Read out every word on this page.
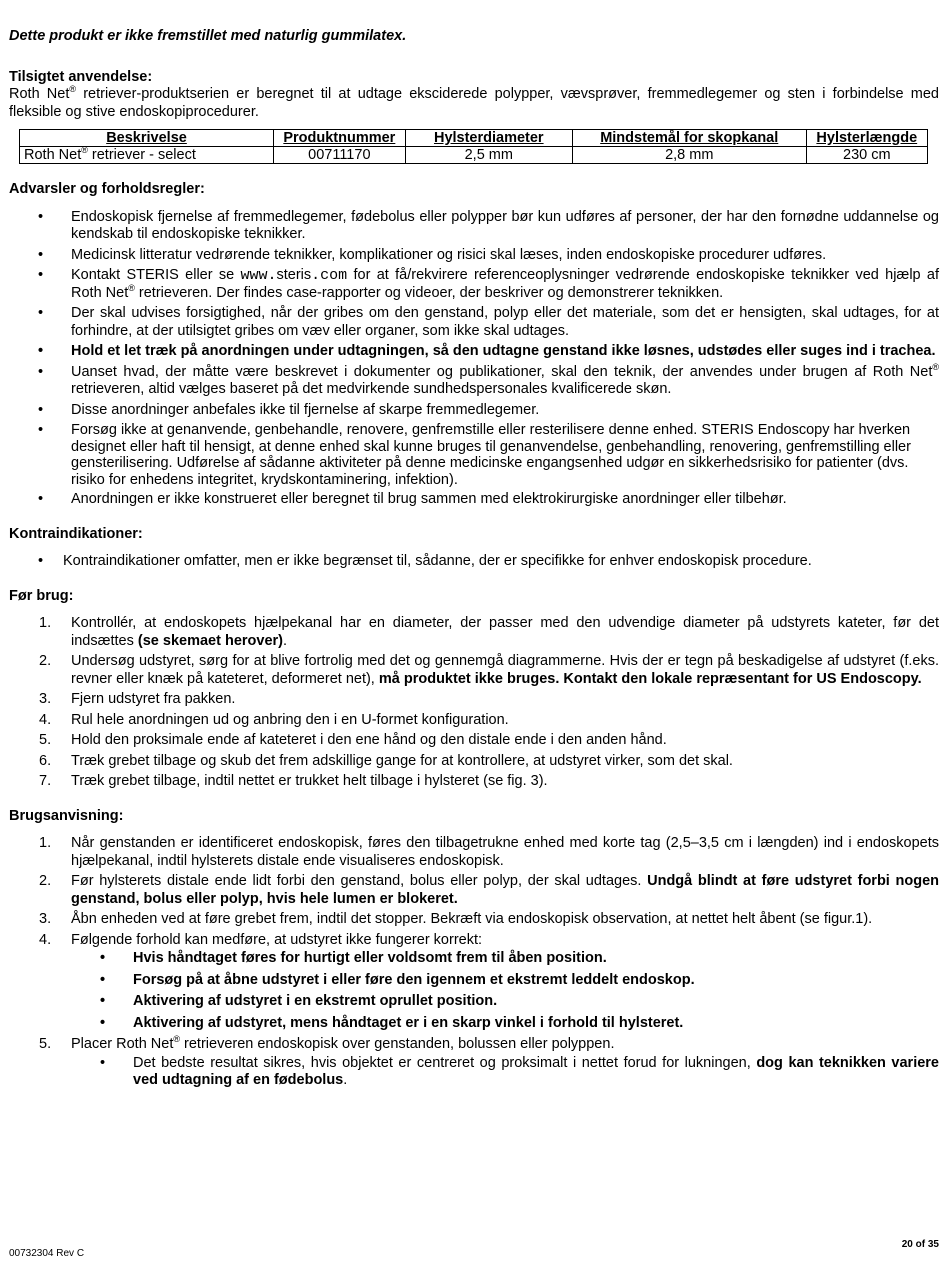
Dette produkt er ikke fremstillet med naturlig gummilatex.

Tilsigtet anvendelse:

Roth Net® retriever-produktserien er beregnet til at udtage eksciderede polypper, vævsprøver, fremmedlegemer og sten i forbindelse med fleksible og stive endoskopiprocedurer.

Beskrivelse	Produktnummer	Hylsterdiameter	Mindstemål for skopkanal	Hylsterlængde
Roth Net® retriever - select	00711170	2,5 mm	2,8 mm	230 cm

Advarsler og forholdsregler:

•	Endoskopisk fjernelse af fremmedlegemer, fødebolus eller polypper bør kun udføres af personer, der har den fornødne uddannelse og kendskab til endoskopiske teknikker.
•	Medicinsk litteratur vedrørende teknikker, komplikationer og risici skal læses, inden endoskopiske procedurer udføres.
•	Kontakt STERIS eller se www.steris.com for at få/rekvirere referenceoplysninger vedrørende endoskopiske teknikker ved hjælp af Roth Net® retrieveren. Der findes case-rapporter og videoer, der beskriver og demonstrerer teknikken.
•	Der skal udvises forsigtighed, når der gribes om den genstand, polyp eller det materiale, som det er hensigten, skal udtages, for at forhindre, at der utilsigtet gribes om væv eller organer, som ikke skal udtages.
•	Hold et let træk på anordningen under udtagningen, så den udtagne genstand ikke løsnes, udstødes eller suges ind i trachea.
•	Uanset hvad, der måtte være beskrevet i dokumenter og publikationer, skal den teknik, der anvendes under brugen af Roth Net® retrieveren, altid vælges baseret på det medvirkende sundhedspersonales kvalificerede skøn.
•	Disse anordninger anbefales ikke til fjernelse af skarpe fremmedlegemer.
•	Forsøg ikke at genanvende, genbehandle, renovere, genfremstille eller resterilisere denne enhed. STERIS Endoscopy har hverken designet eller haft til hensigt, at denne enhed skal kunne bruges til genanvendelse, genbehandling, renovering, genfremstilling eller gensterilisering. Udførelse af sådanne aktiviteter på denne medicinske engangsenhed udgør en sikkerhedsrisiko for patienter (dvs. risiko for enhedens integritet, krydskontaminering, infektion).
•	Anordningen er ikke konstrueret eller beregnet til brug sammen med elektrokirurgiske anordninger eller tilbehør.

Kontraindikationer:

•	Kontraindikationer omfatter, men er ikke begrænset til, sådanne, der er specifikke for enhver endoskopisk procedure.

Før brug:

1.	Kontrollér, at endoskopets hjælpekanal har en diameter, der passer med den udvendige diameter på udstyrets kateter, før det indsættes (se skemaet herover).
2.	Undersøg udstyret, sørg for at blive fortrolig med det og gennemgå diagrammerne. Hvis der er tegn på beskadigelse af udstyret (f.eks. revner eller knæk på kateteret, deformeret net), må produktet ikke bruges. Kontakt den lokale repræsentant for US Endoscopy.
3.	Fjern udstyret fra pakken.
4.	Rul hele anordningen ud og anbring den i en U-formet konfiguration.
5.	Hold den proksimale ende af kateteret i den ene hånd og den distale ende i den anden hånd.
6.	Træk grebet tilbage og skub det frem adskillige gange for at kontrollere, at udstyret virker, som det skal.
7.	Træk grebet tilbage, indtil nettet er trukket helt tilbage i hylsteret (se fig. 3).

Brugsanvisning:

1.	Når genstanden er identificeret endoskopisk, føres den tilbagetrukne enhed med korte tag (2,5–3,5 cm i længden) ind i endoskopets hjælpekanal, indtil hylsterets distale ende visualiseres endoskopisk.
2.	Før hylsterets distale ende lidt forbi den genstand, bolus eller polyp, der skal udtages. Undgå blindt at føre udstyret forbi nogen genstand, bolus eller polyp, hvis hele lumen er blokeret.
3.	Åbn enheden ved at føre grebet frem, indtil det stopper. Bekræft via endoskopisk observation, at nettet helt åbent (se figur.1).
4.	Følgende forhold kan medføre, at udstyret ikke fungerer korrekt:
•	Hvis håndtaget føres for hurtigt eller voldsomt frem til åben position.
•	Forsøg på at åbne udstyret i eller føre den igennem et ekstremt leddelt endoskop.
•	Aktivering af udstyret i en ekstremt oprullet position.
•	Aktivering af udstyret, mens håndtaget er i en skarp vinkel i forhold til hylsteret.
5.	Placer Roth Net® retrieveren endoskopisk over genstanden, bolussen eller polyppen.
•	Det bedste resultat sikres, hvis objektet er centreret og proksimalt i nettet forud for lukningen, dog kan teknikken variere ved udtagning af en fødebolus.
00732304 Rev C
20 of 35
